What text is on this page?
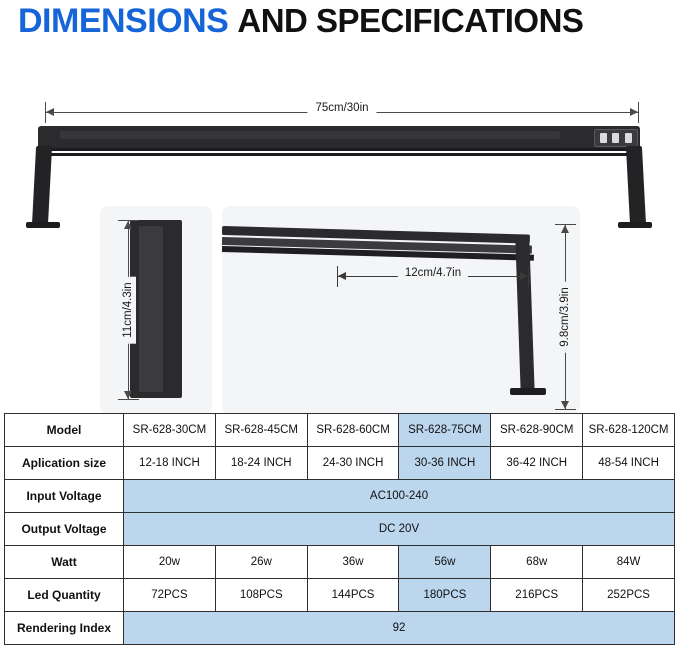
DIMENSIONS AND SPECIFICATIONS
75cm/30in
11cm/4.3in
12cm/4.7in
9.8cm/3.9in
Model	SR-628-30CM	SR-628-45CM	SR-628-60CM	SR-628-75CM	SR-628-90CM	SR-628-120CM
Aplication size	12-18 INCH	18-24 INCH	24-30 INCH	30-36 INCH	36-42 INCH	48-54 INCH
Input Voltage	AC100-240					
Output Voltage	DC 20V					
Watt	20w	26w	36w	56w	68w	84W
Led Quantity	72PCS	108PCS	144PCS	180PCS	216PCS	252PCS
Rendering Index	92					
